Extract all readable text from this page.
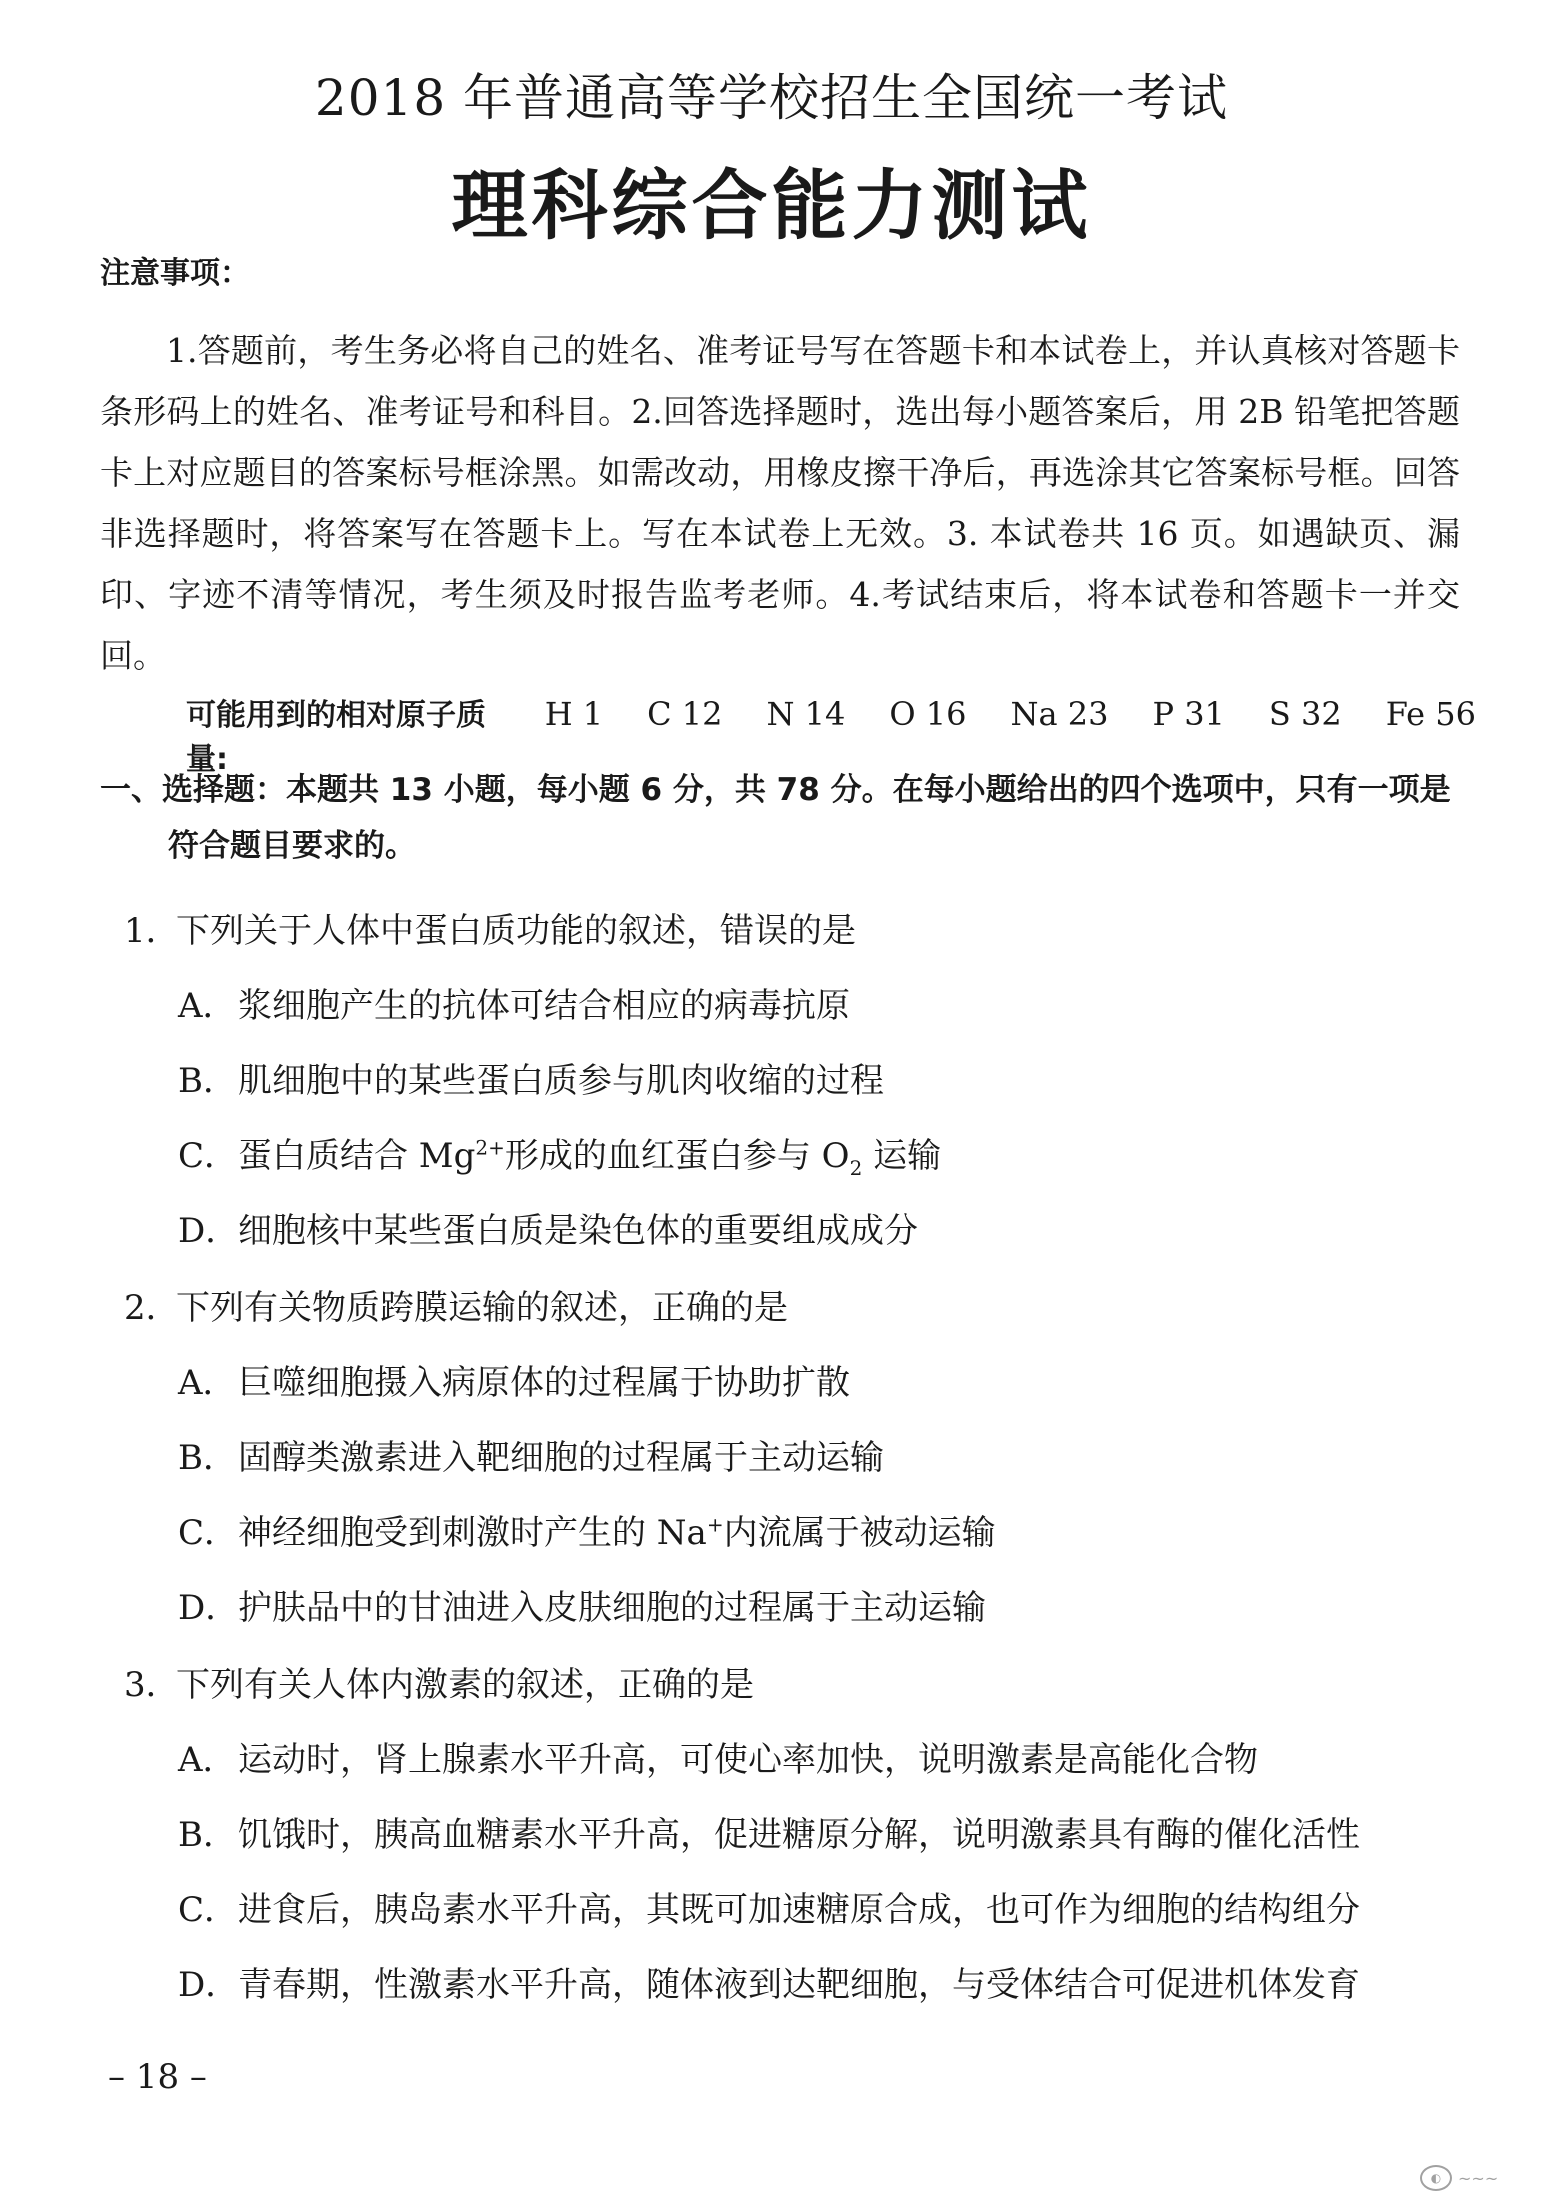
2018 年普通高等学校招生全国统一考试
理科综合能力测试
注意事项：

1.答题前，考生务必将自己的姓名、准考证号写在答题卡和本试卷上，并认真核对答题卡条形码上的姓名、准考证号和科目。2.回答选择题时，选出每小题答案后，用 2B 铅笔把答题卡上对应题目的答案标号框涂黑。如需改动，用橡皮擦干净后，再选涂其它答案标号框。回答非选择题时，将答案写在答题卡上。写在本试卷上无效。3. 本试卷共 16 页。如遇缺页、漏印、字迹不清等情况，考生须及时报告监考老师。4.考试结束后，将本试卷和答题卡一并交回。

可能用到的相对原子质量:
H 1 C 12 N 14 O 16 Na 23 P 31 S 32 Fe 56

一、选择题：本题共 13 小题，每小题 6 分，共 78 分。在每小题给出的四个选项中，只有一项是符合题目要求的。

1．下列关于人体中蛋白质功能的叙述，错误的是
A．浆细胞产生的抗体可结合相应的病毒抗原
B．肌细胞中的某些蛋白质参与肌肉收缩的过程
C．蛋白质结合 $Mg^{2+}$形成的血红蛋白参与 $O_2$ 运输
D．细胞核中某些蛋白质是染色体的重要组成成分
2．下列有关物质跨膜运输的叙述，正确的是
A．巨噬细胞摄入病原体的过程属于协助扩散
B．固醇类激素进入靶细胞的过程属于主动运输
C．神经细胞受到刺激时产生的 Na+内流属于被动运输
D．护肤品中的甘油进入皮肤细胞的过程属于主动运输
3．下列有关人体内激素的叙述，正确的是
A．运动时，肾上腺素水平升高，可使心率加快，说明激素是高能化合物
B．饥饿时，胰高血糖素水平升高，促进糖原分解，说明激素具有酶的催化活性
C．进食后，胰岛素水平升高，其既可加速糖原合成，也可作为细胞的结构组分
D．青春期，性激素水平升高，随体液到达靶细胞，与受体结合可促进机体发育
– 18 –
◐	~~~
